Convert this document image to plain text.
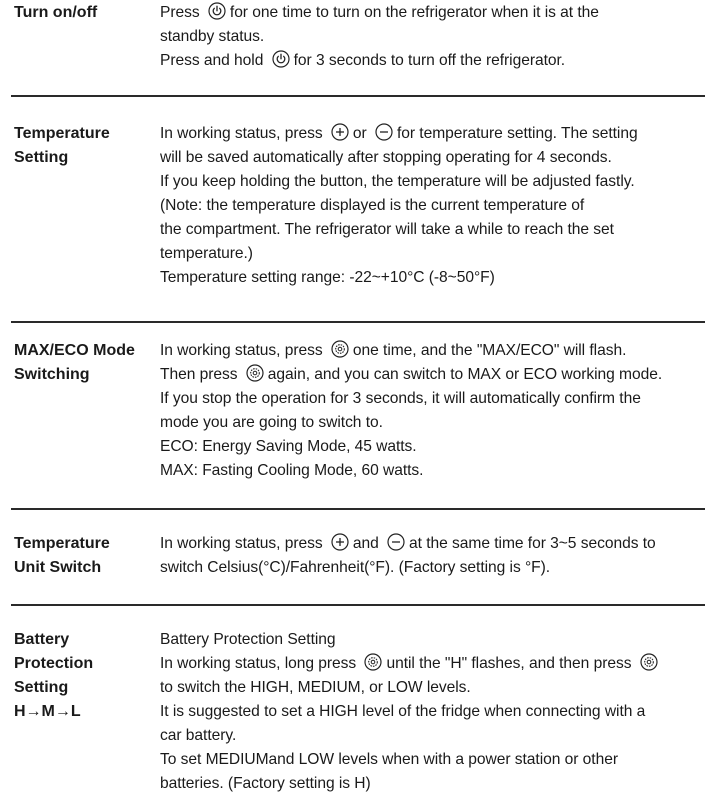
Turn on/off	Press
for one time to turn on the refrigerator when it is at the
standby status.
Press and hold
for 3 seconds to turn off the refrigerator.
Temperature
Setting
In working status, press
or
for temperature setting. The setting
will be saved automatically after stopping operating for 4 seconds.
If you keep holding the button, the temperature will be adjusted fastly.
(Note: the temperature displayed is the current temperature of
the compartment. The refrigerator will take a while to reach the set
temperature.)
Temperature setting range: -22~+10°C (-8~50°F)
MAX/ECO Mode
Switching
In working status, press
one time, and the "MAX/ECO" will flash.
Then press
again, and you can switch to MAX or ECO working mode.
If you stop the operation for 3 seconds, it will automatically confirm the
mode you are going to switch to.
ECO: Energy Saving Mode, 45 watts.
MAX: Fasting Cooling Mode, 60 watts.
Temperature
Unit Switch
In working status, press
and
at the same time for 3~5 seconds to
switch Celsius(°C)/Fahrenheit(°F). (Factory setting is °F).
Battery
Protection
Setting
H→M→L
Battery Protection Setting
In working status, long press
until the "H" flashes, and then press
to switch the HIGH, MEDIUM, or LOW levels.
It is suggested to set a HIGH level of the fridge when connecting with a
car battery.
To set MEDIUMand LOW levels when with a power station or other
batteries. (Factory setting is H)
